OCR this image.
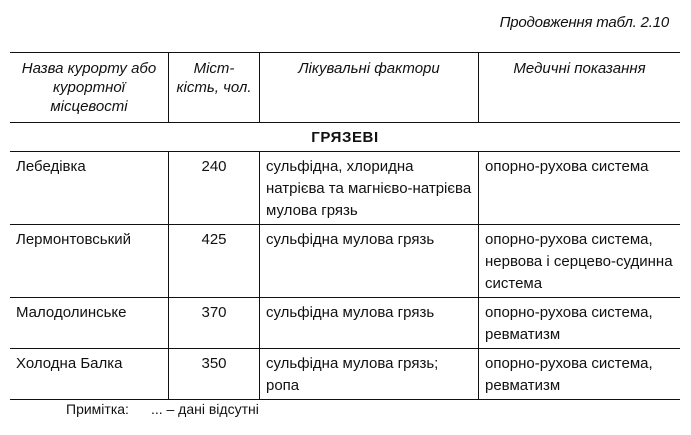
Продовження табл. 2.10
Назва курорту або курортної місцевості	Міст-кість, чол.	Лікувальні фактори	Медичні показання
ГРЯЗЕВІ			
Лебедівка	240	сульфідна, хлоридна натрієва та магнієво-натрієва мулова грязь	опорно-рухова система
Лермонтовський	425	сульфідна мулова грязь	опорно-рухова система, нервова і серцево-судинна система
Малодолинське	370	сульфідна мулова грязь	опорно-рухова система, ревматизм
Холодна Балка	350	сульфідна мулова грязь; ропа	опорно-рухова система, ревматизм
Примітка: ... – дані відсутні
